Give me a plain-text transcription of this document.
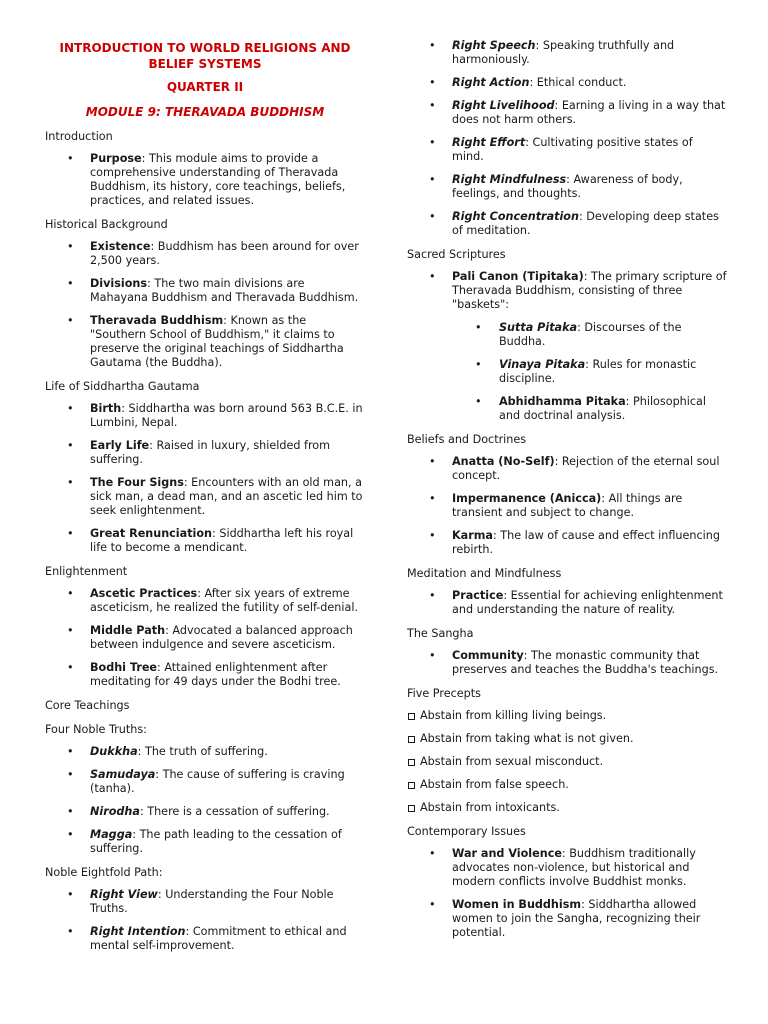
INTRODUCTION TO WORLD RELIGIONS AND BELIEF SYSTEMS
QUARTER II
MODULE 9: THERAVADA BUDDHISM
Introduction
• Purpose: This module aims to provide a comprehensive understanding of Theravada Buddhism, its history, core teachings, beliefs, practices, and related issues.
Historical Background
• Existence: Buddhism has been around for over 2,500 years.
• Divisions: The two main divisions are Mahayana Buddhism and Theravada Buddhism.
• Theravada Buddhism: Known as the "Southern School of Buddhism," it claims to preserve the original teachings of Siddhartha Gautama (the Buddha).
Life of Siddhartha Gautama
• Birth: Siddhartha was born around 563 B.C.E. in Lumbini, Nepal.
• Early Life: Raised in luxury, shielded from suffering.
• The Four Signs: Encounters with an old man, a sick man, a dead man, and an ascetic led him to seek enlightenment.
• Great Renunciation: Siddhartha left his royal life to become a mendicant.
Enlightenment
• Ascetic Practices: After six years of extreme asceticism, he realized the futility of self-denial.
• Middle Path: Advocated a balanced approach between indulgence and severe asceticism.
• Bodhi Tree: Attained enlightenment after meditating for 49 days under the Bodhi tree.
Core Teachings
Four Noble Truths:
• Dukkha: The truth of suffering.
• Samudaya: The cause of suffering is craving (tanha).
• Nirodha: There is a cessation of suffering.
• Magga: The path leading to the cessation of suffering.
Noble Eightfold Path:
• Right View: Understanding the Four Noble Truths.
• Right Intention: Commitment to ethical and mental self-improvement.
• Right Speech: Speaking truthfully and harmoniously.
• Right Action: Ethical conduct.
• Right Livelihood: Earning a living in a way that does not harm others.
• Right Effort: Cultivating positive states of mind.
• Right Mindfulness: Awareness of body, feelings, and thoughts.
• Right Concentration: Developing deep states of meditation.
Sacred Scriptures
• Pali Canon (Tipitaka): The primary scripture of Theravada Buddhism, consisting of three "baskets":
• Sutta Pitaka: Discourses of the Buddha.
• Vinaya Pitaka: Rules for monastic discipline.
• Abhidhamma Pitaka: Philosophical and doctrinal analysis.
Beliefs and Doctrines
• Anatta (No-Self): Rejection of the eternal soul concept.
• Impermanence (Anicca): All things are transient and subject to change.
• Karma: The law of cause and effect influencing rebirth.
Meditation and Mindfulness
• Practice: Essential for achieving enlightenment and understanding the nature of reality.
The Sangha
• Community: The monastic community that preserves and teaches the Buddha's teachings.
Five Precepts
Abstain from killing living beings.
Abstain from taking what is not given.
Abstain from sexual misconduct.
Abstain from false speech.
Abstain from intoxicants.
Contemporary Issues
• War and Violence: Buddhism traditionally advocates non-violence, but historical and modern conflicts involve Buddhist monks.
• Women in Buddhism: Siddhartha allowed women to join the Sangha, recognizing their potential.
